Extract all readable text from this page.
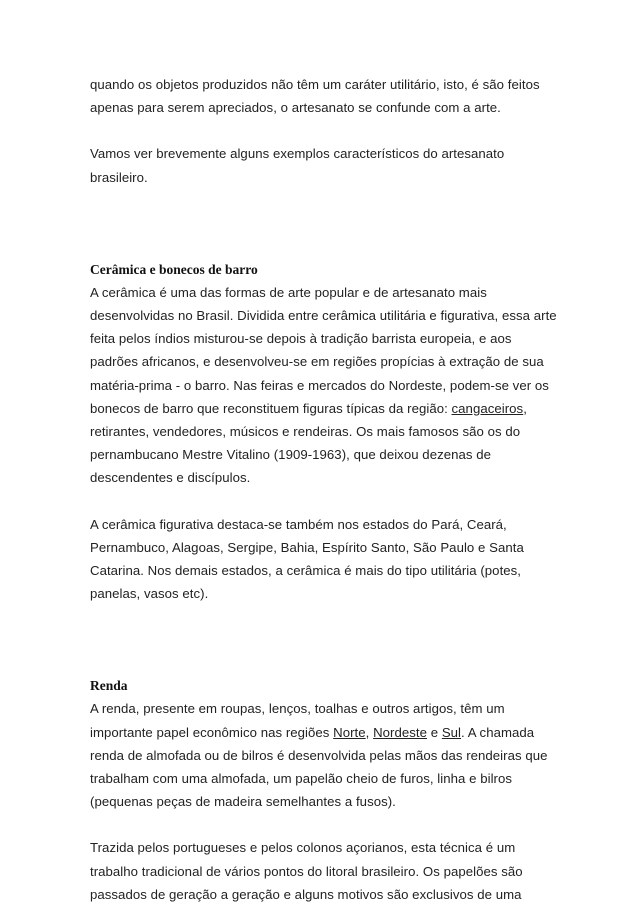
quando os objetos produzidos não têm um caráter utilitário, isto, é são feitos
apenas para serem apreciados, o artesanato se confunde com a arte.

Vamos ver brevemente alguns exemplos característicos do artesanato
brasileiro.

Cerâmica e bonecos de barro

A cerâmica é uma das formas de arte popular e de artesanato mais
desenvolvidas no Brasil. Dividida entre cerâmica utilitária e figurativa, essa arte
feita pelos índios misturou-se depois à tradição barrista europeia, e aos
padrões africanos, e desenvolveu-se em regiões propícias à extração de sua
matéria-prima - o barro. Nas feiras e mercados do Nordeste, podem-se ver os
bonecos de barro que reconstituem figuras típicas da região: cangaceiros,
retirantes, vendedores, músicos e rendeiras. Os mais famosos são os do
pernambucano Mestre Vitalino (1909-1963), que deixou dezenas de
descendentes e discípulos.

A cerâmica figurativa destaca-se também nos estados do Pará, Ceará,
Pernambuco, Alagoas, Sergipe, Bahia, Espírito Santo, São Paulo e Santa
Catarina. Nos demais estados, a cerâmica é mais do tipo utilitária (potes,
panelas, vasos etc).

Renda

A renda, presente em roupas, lenços, toalhas e outros artigos, têm um
importante papel econômico nas regiões Norte, Nordeste e Sul. A chamada
renda de almofada ou de bilros é desenvolvida pelas mãos das rendeiras que
trabalham com uma almofada, um papelão cheio de furos, linha e bilros
(pequenas peças de madeira semelhantes a fusos).

Trazida pelos portugueses e pelos colonos açorianos, esta técnica é um
trabalho tradicional de vários pontos do litoral brasileiro. Os papelões são
passados de geração a geração e alguns motivos são exclusivos de uma
